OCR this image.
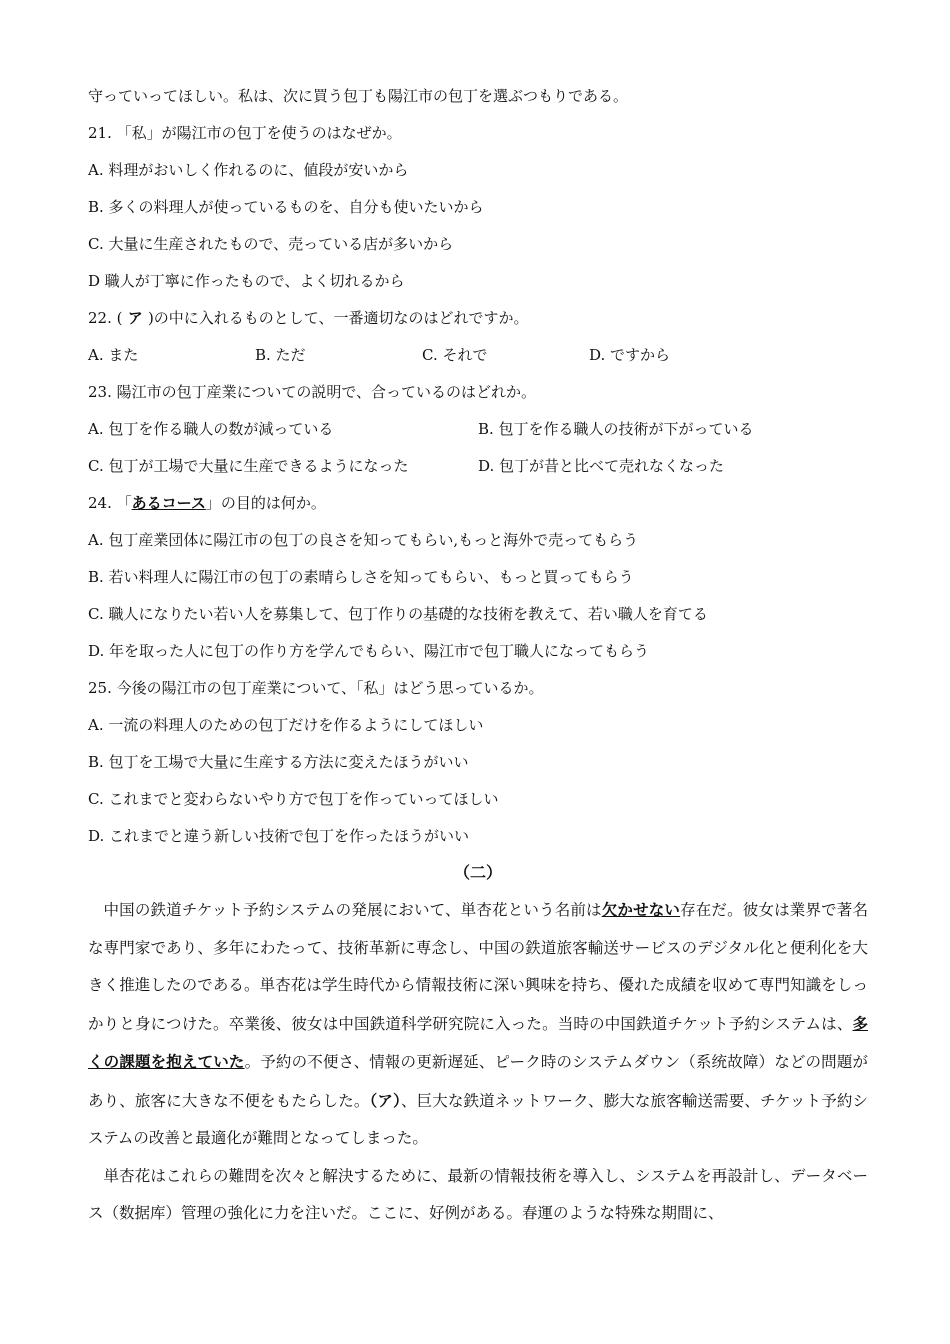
守っていってほしい。私は、次に買う包丁も陽江市の包丁を選ぶつもりである。
21. 「私」が陽江市の包丁を使うのはなぜか。
A. 料理がおいしく作れるのに、値段が安いから
B. 多くの料理人が使っているものを、自分も使いたいから
C. 大量に生産されたもので、売っている店が多いから
D 職人が丁寧に作ったもので、よく切れるから
22. ( ア )の中に入れるものとして、一番適切なのはどれですか。
A. また	B. ただ	C. それで	D. ですから
23. 陽江市の包丁産業についての説明で、合っているのはどれか。
A. 包丁を作る職人の数が減っている	B. 包丁を作る職人の技術が下がっている
C. 包丁が工場で大量に生産できるようになった	D. 包丁が昔と比べて売れなくなった
24. 「あるコース」の目的は何か。
A. 包丁産業団体に陽江市の包丁の良さを知ってもらい,もっと海外で売ってもらう
B. 若い料理人に陽江市の包丁の素晴らしさを知ってもらい、もっと買ってもらう
C. 職人になりたい若い人を募集して、包丁作りの基礎的な技術を教えて、若い職人を育てる
D. 年を取った人に包丁の作り方を学んでもらい、陽江市で包丁職人になってもらう
25. 今後の陽江市の包丁産業について、「私」はどう思っているか。
A. 一流の料理人のための包丁だけを作るようにしてほしい
B. 包丁を工場で大量に生産する方法に変えたほうがいい
C. これまでと変わらないやり方で包丁を作っていってほしい
D. これまでと違う新しい技術で包丁を作ったほうがいい
（二）

中国の鉄道チケット予約システムの発展において、単杏花という名前は欠かせない存在だ。彼女は業界で著名な専門家であり、多年にわたって、技術革新に専念し、中国の鉄道旅客輸送サービスのデジタル化と便利化を大きく推進したのである。単杏花は学生時代から情報技術に深い興味を持ち、優れた成績を収めて専門知識をしっかりと身につけた。卒業後、彼女は中国鉄道科学研究院に入った。当時の中国鉄道チケット予約システムは、多くの課題を抱えていた。予約の不便さ、情報の更新遅延、ピーク時のシステムダウン（系统故障）などの問題があり、旅客に大きな不便をもたらした。（ア）、巨大な鉄道ネットワーク、膨大な旅客輸送需要、チケット予約システムの改善と最適化が難問となってしまった。

単杏花はこれらの難問を次々と解決するために、最新の情報技術を導入し、システムを再設計し、データベース（数据库）管理の強化に力を注いだ。ここに、好例がある。春運のような特殊な期間に、
